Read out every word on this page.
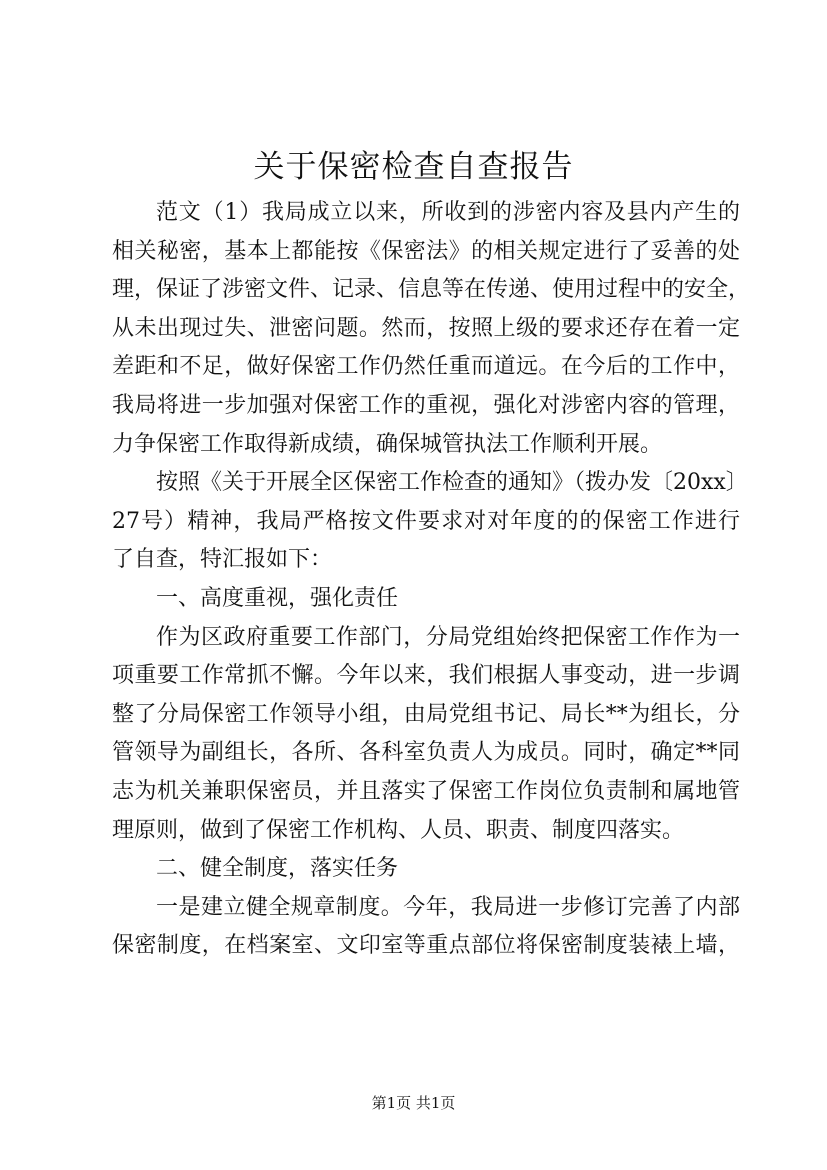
关于保密检查自查报告
范文（1）我局成立以来，所收到的涉密内容及县内产生的
相关秘密，基本上都能按《保密法》的相关规定进行了妥善的处
理，保证了涉密文件、记录、信息等在传递、使用过程中的安全，
从未出现过失、泄密问题。然而，按照上级的要求还存在着一定
差距和不足，做好保密工作仍然任重而道远。在今后的工作中，
我局将进一步加强对保密工作的重视，强化对涉密内容的管理，
力争保密工作取得新成绩，确保城管执法工作顺利开展。
按照《关于开展全区保密工作检查的通知》（拨办发〔20xx〕
27号）精神，我局严格按文件要求对对年度的的保密工作进行
了自查，特汇报如下：
一、高度重视，强化责任
作为区政府重要工作部门，分局党组始终把保密工作作为一
项重要工作常抓不懈。今年以来，我们根据人事变动，进一步调
整了分局保密工作领导小组，由局党组书记、局长**为组长，分
管领导为副组长，各所、各科室负责人为成员。同时，确定**同
志为机关兼职保密员，并且落实了保密工作岗位负责制和属地管
理原则，做到了保密工作机构、人员、职责、制度四落实。
二、健全制度，落实任务
一是建立健全规章制度。今年，我局进一步修订完善了内部
保密制度，在档案室、文印室等重点部位将保密制度装裱上墙，
第1页 共1页
